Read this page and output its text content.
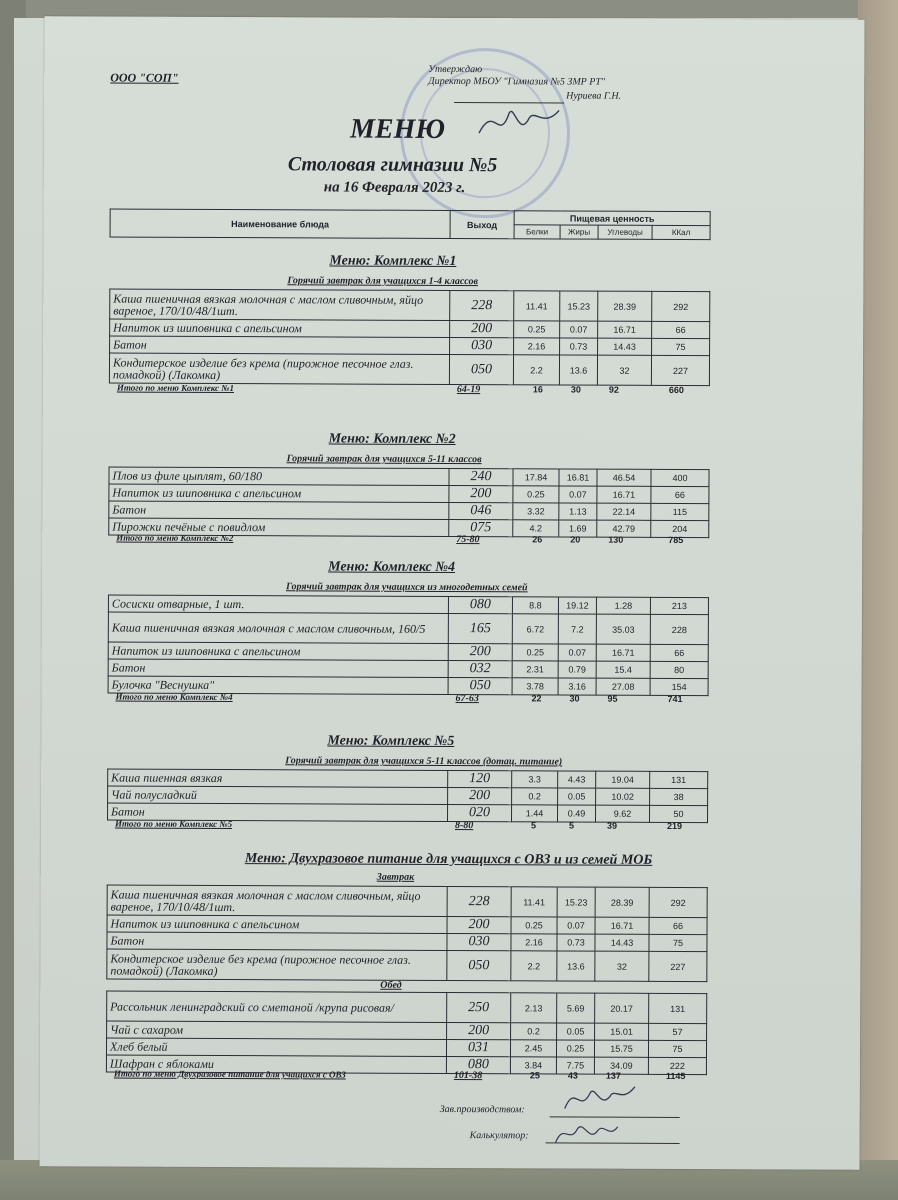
ООО "СОП"
Утверждаю
Директор МБОУ "Гимназия №5 ЗМР РТ"
Нуриева Г.Н.
МЕНЮ
Столовая гимназии №5
на 16 Февраля 2023 г.
Наименование блюда	Выход	Пищевая ценность			
		Белки	Жиры	Углеводы	ККал
Зав.производством:
Калькулятор:
Меню: Комплекс №1
Горячий завтрак для учащихся 1-4 классов
Каша пшеничная вязкая молочная с маслом сливочным, яйцо вареное, 170/10/48/1шт.	228	11.41	15.23	28.39	292
Напиток из шиповника с апельсином	200	0.25	0.07	16.71	66
Батон	030	2.16	0.73	14.43	75
Кондитерское изделие без крема (пирожное песочное глаз. помадкой) (Лакомка)	050	2.2	13.6	32	227
Итого по меню Комплекс №1	64-19	16	30	92	660
Меню: Комплекс №2
Горячий завтрак для учащихся 5-11 классов
Плов из филе цыплят, 60/180	240	17.84	16.81	46.54	400
Напиток из шиповника с апельсином	200	0.25	0.07	16.71	66
Батон	046	3.32	1.13	22.14	115
Пирожки печёные с повидлом	075	4.2	1.69	42.79	204
Итого по меню Комплекс №2	75-80	26	20	130	785
Меню: Комплекс №4
Горячий завтрак для учащихся из многодетных семей
Сосиски отварные, 1 шт.	080	8.8	19.12	1.28	213
Каша пшеничная вязкая молочная с маслом сливочным, 160/5	165	6.72	7.2	35.03	228
Напиток из шиповника с апельсином	200	0.25	0.07	16.71	66
Батон	032	2.31	0.79	15.4	80
Булочка "Веснушка"	050	3.78	3.16	27.08	154
Итого по меню Комплекс №4	67-63	22	30	95	741
Меню: Комплекс №5
Горячий завтрак для учащихся 5-11 классов (дотац. питание)
Каша пшенная вязкая	120	3.3	4.43	19.04	131
Чай полусладкий	200	0.2	0.05	10.02	38
Батон	020	1.44	0.49	9.62	50
Итого по меню Комплекс №5	8-80	5	5	39	219
Меню: Двухразовое питание для учащихся с ОВЗ и из семей МОБ
Завтрак
Каша пшеничная вязкая молочная с маслом сливочным, яйцо вареное, 170/10/48/1шт.	228	11.41	15.23	28.39	292
Напиток из шиповника с апельсином	200	0.25	0.07	16.71	66
Батон	030	2.16	0.73	14.43	75
Кондитерское изделие без крема (пирожное песочное глаз. помадкой) (Лакомка)	050	2.2	13.6	32	227
Обед
Рассольник ленинградский со сметаной /крупа рисовая/	250	2.13	5.69	20.17	131
Чай с сахаром	200	0.2	0.05	15.01	57
Хлеб белый	031	2.45	0.25	15.75	75
Шафран с яблоками	080	3.84	7.75	34.09	222
Итого по меню Двухразовое питание для учащихся с ОВЗ	101-38	25	43	137	1145
